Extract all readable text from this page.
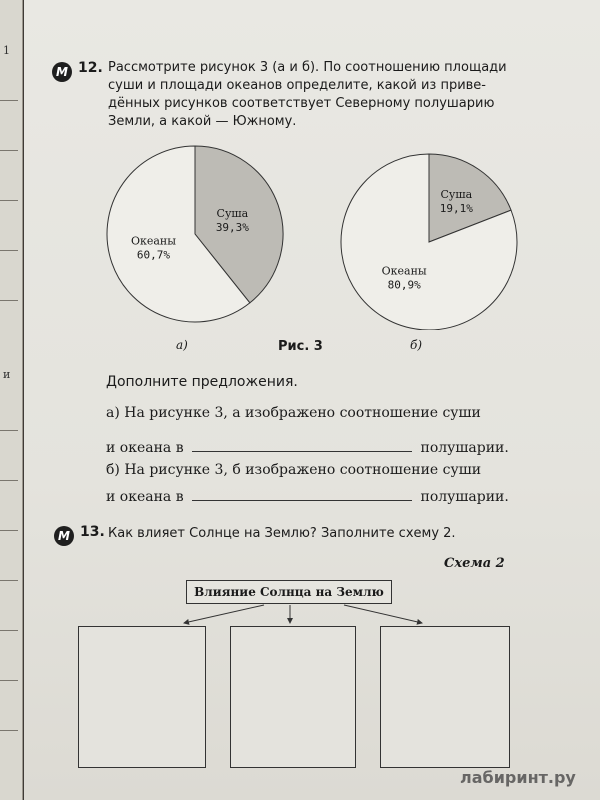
1
и
М 12. Рассмотрите рисунок 3 (а и б). По соотношению площади
суши и площади океанов определите, какой из приве-
дённых рисунков соответствует Северному полушарию
Земли, а какой — Южному.
Суша
39,3%
Океаны
60,7%
Суша
19,1%
Океаны
80,9%
а)	Рис. 3	б)
Дополните предложения.
а) На рисунке 3, а изображено соотношение суши
и океана в	полушарии.
б) На рисунке 3, б изображено соотношение суши
и океана в	полушарии.
М 13. Как влияет Солнце на Землю? Заполните схему 2.
Схема 2
Влияние Солнца на Землю
лабиринт.ру
